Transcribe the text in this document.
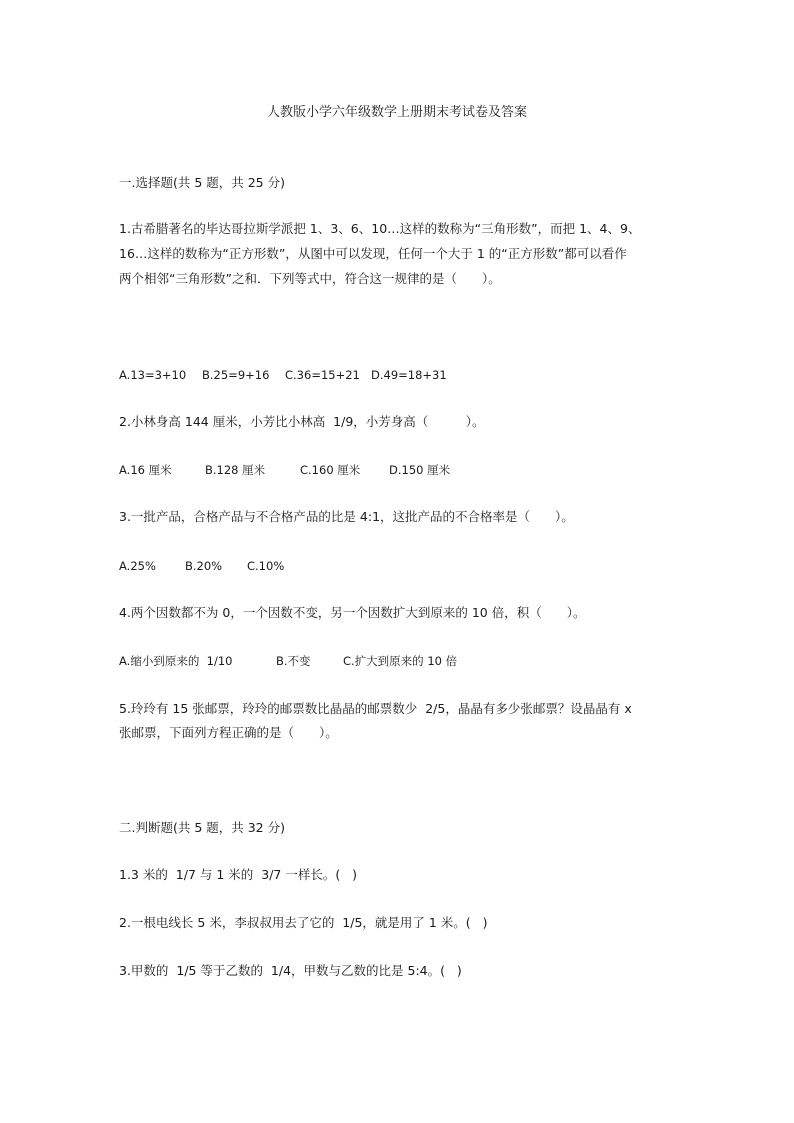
人教版小学六年级数学上册期末考试卷及答案
一.选择题(共 5 题，共 25 分)
1.古希腊著名的毕达哥拉斯学派把 1、3、6、10…这样的数称为“三角形数”，而把 1、4、9、
16…这样的数称为“正方形数”，从图中可以发现，任何一个大于 1 的“正方形数”都可以看作
两个相邻“三角形数”之和．下列等式中，符合这一规律的是（　　）。
A.13=3+10 B.25=9+16 C.36=15+21 D.49=18+31
2.小林身高 144 厘米，小芳比小林高  1/9，小芳身高（　　　）。
A.16 厘米	B.128 厘米	C.160 厘米 D.150 厘米
3.一批产品，合格产品与不合格产品的比是 4:1，这批产品的不合格率是（　　）。
A.25%	B.20% C.10%
4.两个因数都不为 0，一个因数不变，另一个因数扩大到原来的 10 倍，积（　　）。
A.缩小到原来的  1/10	B.不变	C.扩大到原来的 10 倍
5.玲玲有 15 张邮票，玲玲的邮票数比晶晶的邮票数少  2/5，晶晶有多少张邮票？设晶晶有 x
张邮票，下面列方程正确的是（　　）。
二.判断题(共 5 题，共 32 分)
1.3 米的  1/7 与 1 米的  3/7 一样长。(   )
2.一根电线长 5 米，李叔叔用去了它的  1/5，就是用了 1 米。(   )
3.甲数的  1/5 等于乙数的  1/4，甲数与乙数的比是 5:4。(   )
